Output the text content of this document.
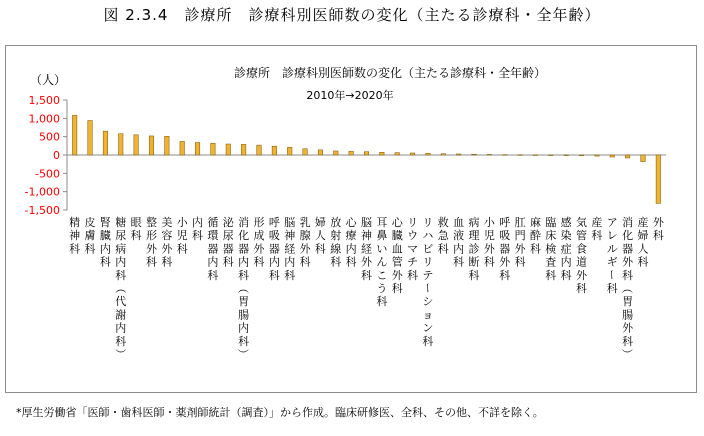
図 2.3.4　診療所　診療科別医師数の変化（主たる診療科・全年齢）
診療所　診療科別医師数の変化（主たる診療科・全年齢）
2010年→2020年
（人）
1,500
1,000
500
0
-500
-1,000
-1,500
精
神
科
皮
膚
科
腎
臓
内
科
糖
尿
病
内
科
（
代
謝
内
科
）
眼
科
整
形
外
科
美
容
外
科
小
児
科
内
科
循
環
器
内
科
泌
尿
器
科
消
化
器
内
科
（
胃
腸
内
科
）
形
成
外
科
呼
吸
器
内
科
脳
神
経
内
科
乳
腺
外
科
婦
人
科
放
射
線
科
心
療
内
科
脳
神
経
外
科
耳
鼻
い
ん
こ
う
科
心
臓
血
管
外
科
リ
ウ
マ
チ
科
リ
ハ
ビ
リ
テ
ー
シ
ョ
ン
科
救
急
科
血
液
内
科
病
理
診
断
科
小
児
外
科
呼
吸
器
外
科
肛
門
外
科
麻
酔
科
臨
床
検
査
科
感
染
症
内
科
気
管
食
道
外
科
産
科
ア
レ
ル
ギ
ー
科
消
化
器
外
科
（
胃
腸
外
科
）
産
婦
人
科
外
科
*厚生労働省「医師・歯科医師・薬剤師統計（調査）」から作成。臨床研修医、全科、その他、不詳を除く。
